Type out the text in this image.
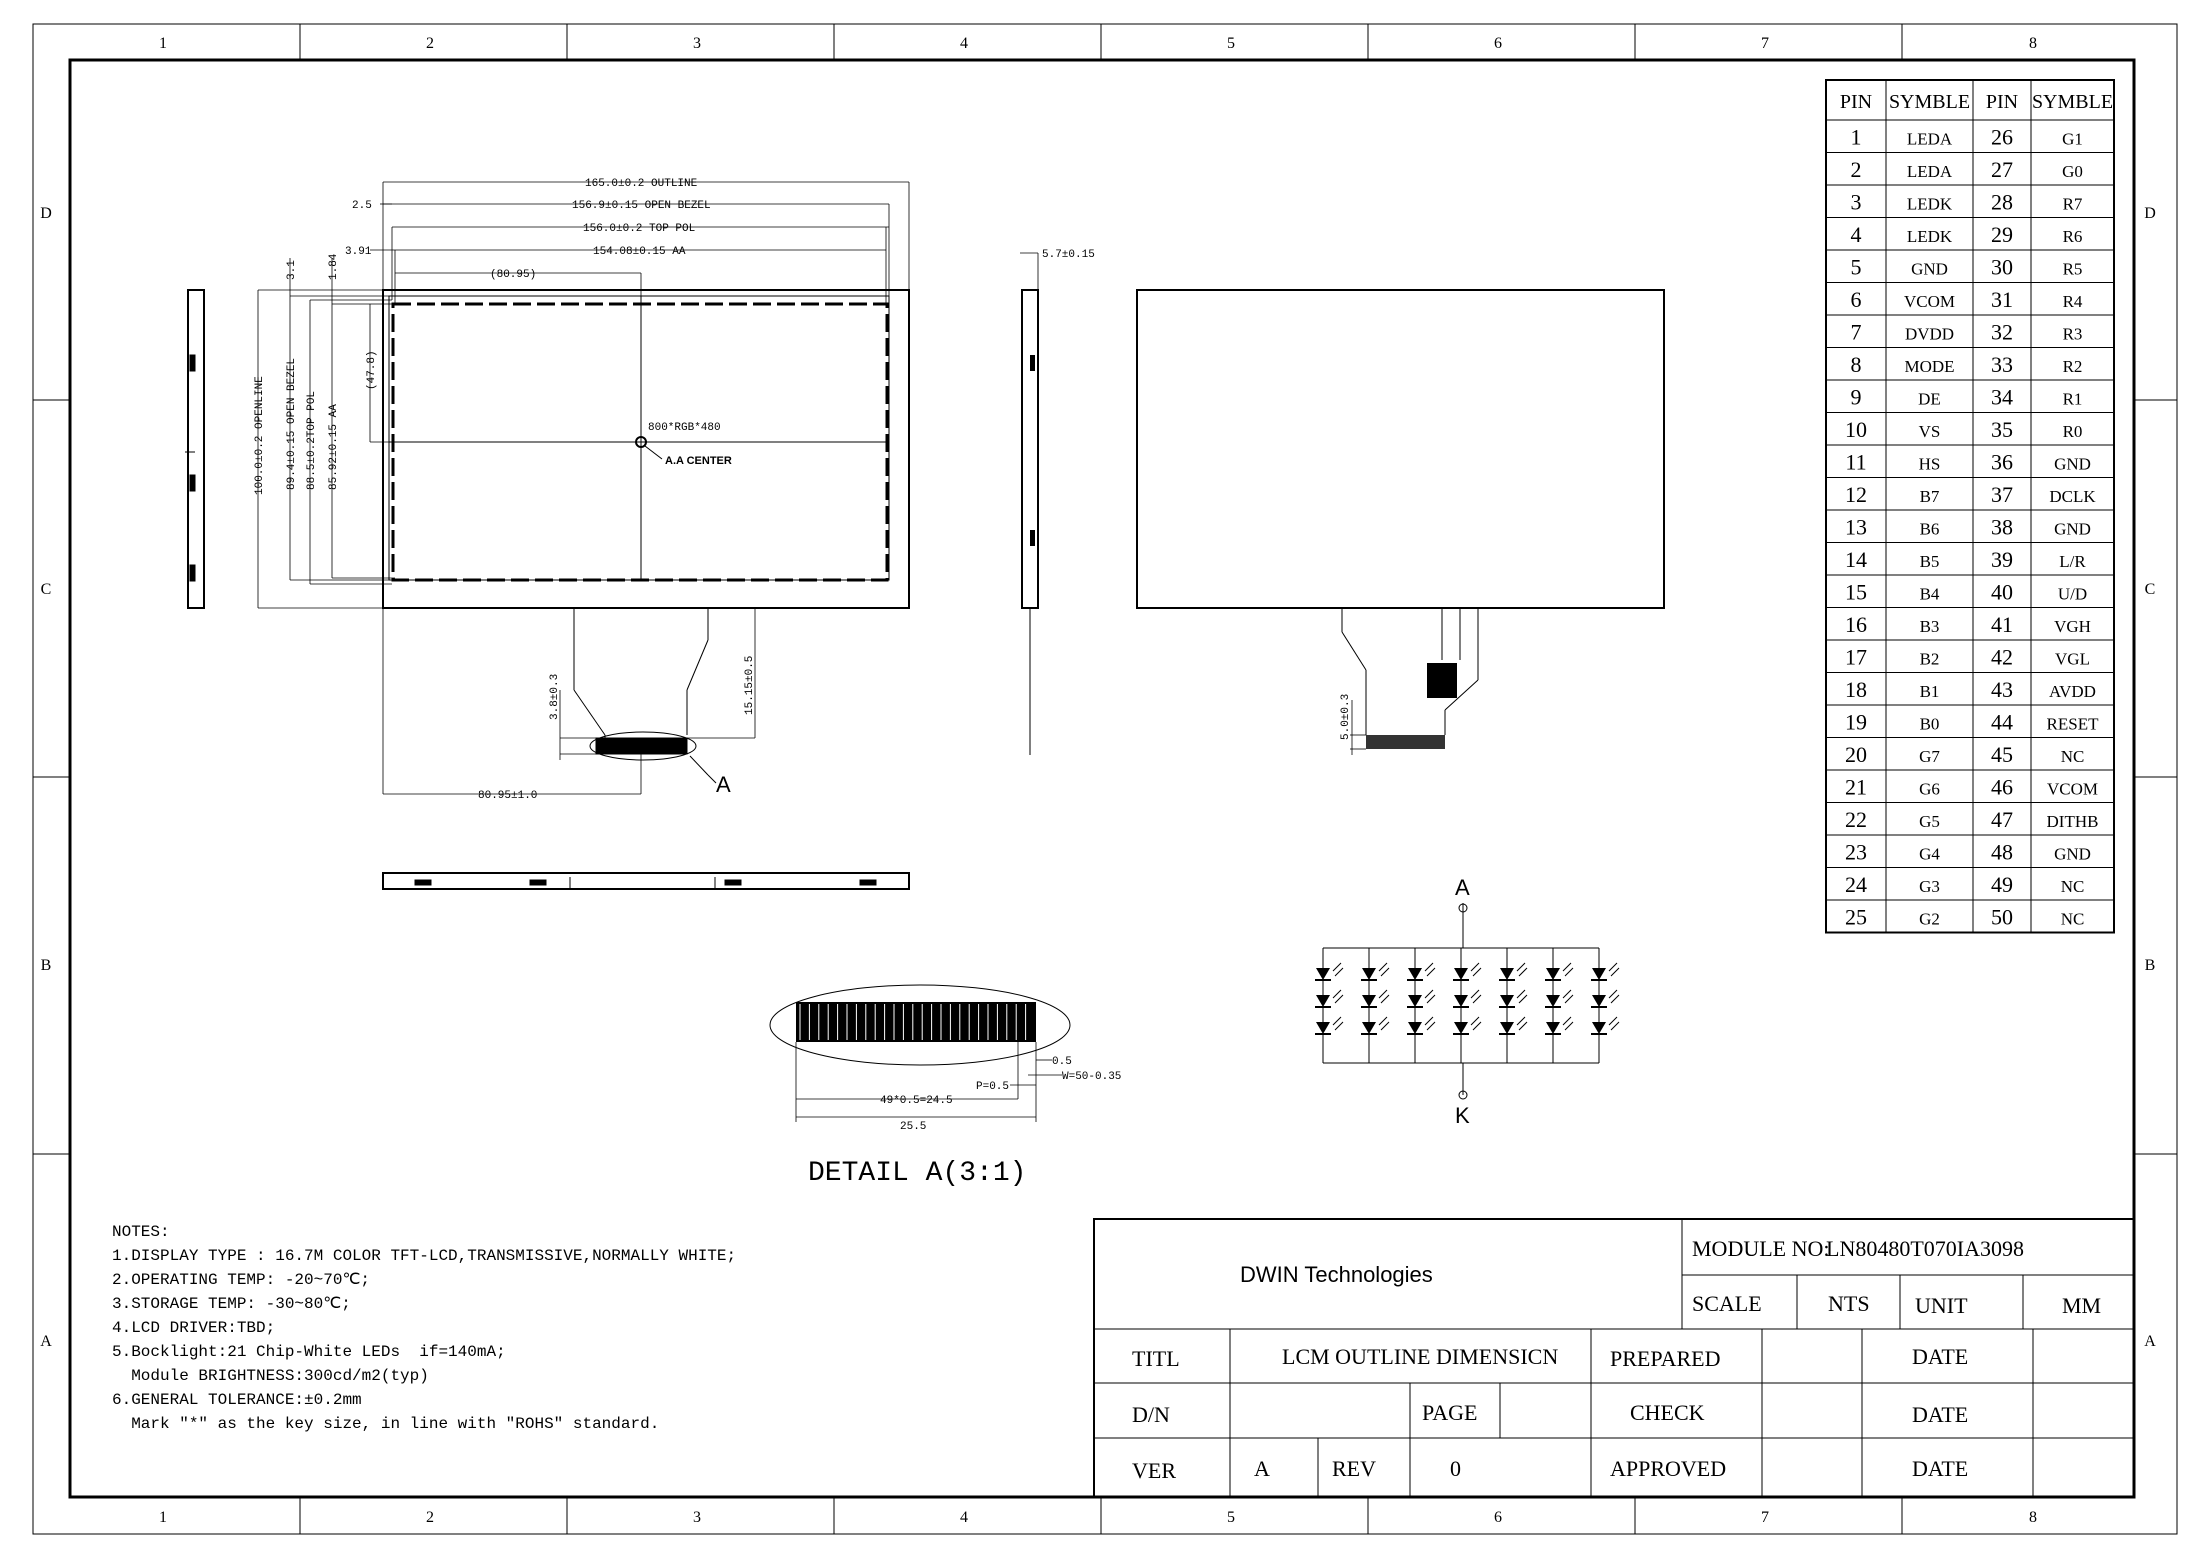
1	2	3	4	5	6	7	8
1	2	3	4	5	6	7	8
D
C
B
A
D
C
B
A
800*RGB*480
A.A CENTER
165.0±0.2 OUTLINE
156.9±0.15 OPEN BEZEL
156.0±0.2 TOP POL
154.08±0.15 AA
(80.95)
2.5
3.91
100.0±0.2 OPENLINE 89.4±0.15 OPEN BEZEL 88.5±0.2TOP POL 85.92±0.15 AA
(47.8)
3.1	1.84
A
3.8±0.3	15.15±0.5
80.95±1.0
5.7±0.15
5.0±0.3
0.5
W=50-0.35
P=0.5
49*0.5=24.5
25.5
DETAIL A(3:1)
A
K
PIN SYMBLE PIN SYMBLE
1	LEDA 26	G1
2	LEDA 27	G0
3	LEDK 28	R7
4	LEDK 29	R6
5	GND 30	R5
6 VCOM 31	R4
7	DVDD 32	R3
8	MODE 33	R2
9	DE 34	R1
10	VS 35	R0
11	HS 36 GND
12	B7 37 DCLK
13	B6 38 GND
14	B5 39	L/R
15	B4 40	U/D
16	B3 41 VGH
17	B2 42 VGL
18	B1 43 AVDD
19	B0 44 RESET
20	G7 45	NC
21	G6 46 VCOM
22	G5 47 DITHB
23	G4 48 GND
24	G3 49	NC
25	G2 50	NC
DWIN Technologies
MODULE NO:
LN80480T070IA3098
SCALE	NTS UNIT	MM
TITL	LCM OUTLINE DIMENSICN PREPARED	DATE
D/N	PAGE	CHECK	DATE
VER	A	REV	0	APPROVED	DATE
NOTES:
1.DISPLAY TYPE : 16.7M COLOR TFT-LCD,TRANSMISSIVE,NORMALLY WHITE;
2.OPERATING TEMP: -20~70℃;
3.STORAGE TEMP: -30~80℃;
4.LCD DRIVER:TBD;
5.Bocklight:21 Chip-White LEDs  if=140mA;
Module BRIGHTNESS:300cd/m2(typ)
6.GENERAL TOLERANCE:±0.2mm
Mark "*" as the key size, in line with "ROHS" standard.
